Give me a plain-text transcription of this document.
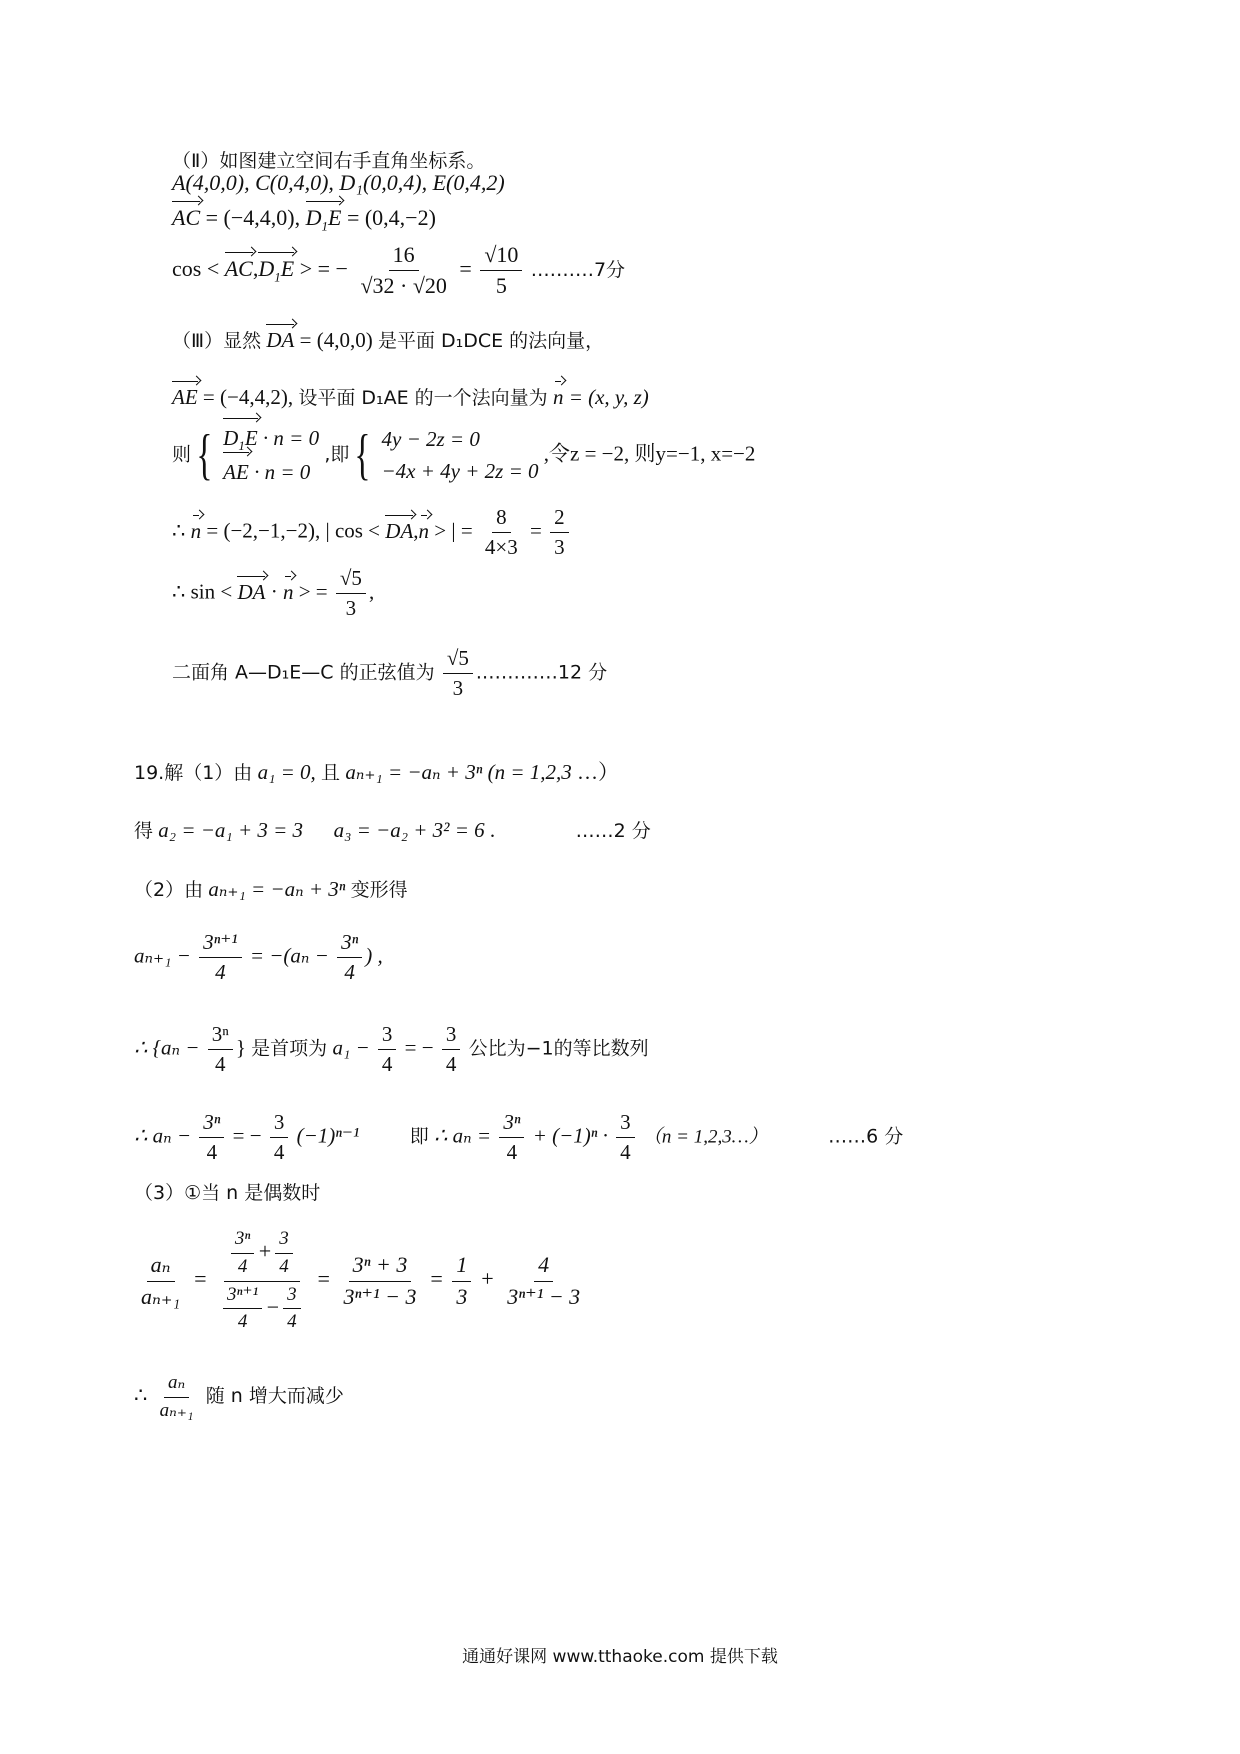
（Ⅱ）如图建立空间右手直角坐标系。
A(4,0,0), C(0,4,0), D₁(0,0,4), E(0,4,2)
AC = (−4,4,0), $D_1E = (0,4,-2)$
$\cos < AC,D_1E$ > = − $\frac{16}{√32 \cdot √20} = \frac{√10}{5}$ .………7分
（Ⅲ）显然 DA = (4,0,0) 是平面 D₁DCE 的法向量，
AE = (−4,4,2), 设平面 D₁AE 的一个法向量为 n = (x, y, z)
则{ $D_1E \cdot n = 0$
AE · n = 0
,即{ 4y − 2z = 0
−4x + 4y + 2z = 0
,令z = −2, 则y=−1, x=−2
∴ n = (−2,−1,−2), | cos < DA,n > | = $\frac{8}{4\times 3} = \frac{2}{3}$
∴ sin < DA · n > = $\frac{√5}{3}$ ,
二面角 A—D₁E—C 的正弦值为 $\frac{√5}{3}$ .…………12 分
19.解（1）由 a₁ = 0, 且 aₙ₊₁ = −aₙ + 3ⁿ (n = 1,2,3 …）
得 a₂ = −a₁ + 3 = 3 a₃ = −a₂ + 3² = 6 .	……2 分
（2）由 aₙ₊₁ = −aₙ + 3ⁿ 变形得
$a_{n+1} - \frac{\text{3ⁿ⁺¹}}{4} = -(a_n - \frac{\text{3ⁿ}}{4}$ ) ,
∴ {$a_n - \frac{\text{3ⁿ}}{4}$ } 是首项为 $a_1 - \frac{3}{4}$ = − $\frac{3}{4}$ 公比为−1的等比数列
∴ $a_n - \frac{\text{3ⁿ}}{4}$ = − $\frac{3}{4} (-1)^{n-1}$	即 ∴ $a_n = \frac{\text{3ⁿ}}{4} + (-1)^n \cdot \frac{3}{4} (n$ = 1,2,3…）	……6 分
（3）①当 n 是偶数时
$\frac{\text{aₙ}}{\text{aₙ₊₁}} = \frac{\frac{\text{3ⁿ}}{4} + \frac{3}{4}}{\frac{\text{3ⁿ⁺¹}}{4} - \frac{3}{4}} = \frac{\text{3ⁿ + 3}}{\text{3ⁿ⁺¹ − 3}} = \frac{1}{3} + \frac{4}{\text{3ⁿ⁺¹ − 3}}$
∴ $\frac{\text{aₙ}}{\text{aₙ₊₁}}$ 随 n 增大而减少
通通好课网 www.tthaoke.com 提供下载
